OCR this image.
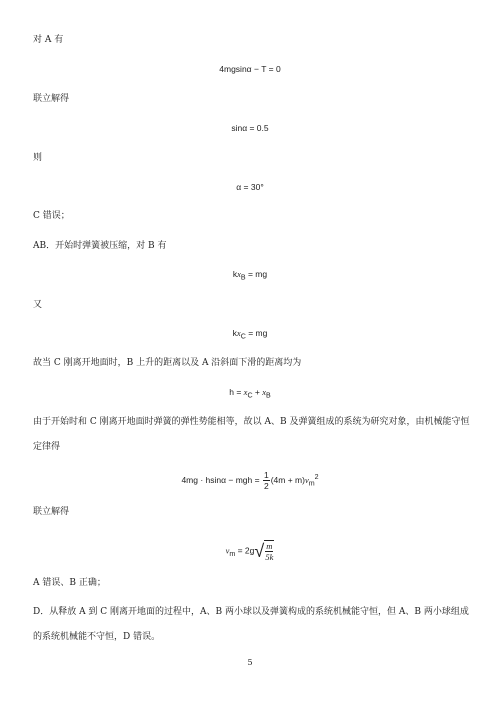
对 A 有
4mgsinα − T = 0
联立解得
sinα = 0.5
则
α = 30°
C 错误；
AB．开始时弹簧被压缩，对 B 有
$kx_B$ = mg
又
$kx_C$ = mg
故当 C 刚离开地面时，B 上升的距离以及 A 沿斜面下滑的距离均为
$h = x_C + x_B$
由于开始时和 C 刚离开地面时弹簧的弹性势能相等，故以 A、B 及弹簧组成的系统为研究对象，由机械能守恒定律得
4mg · hsinα − mgh = $\frac{1}{2} (4m + m)v_m^2$
联立解得
$v_m = 2g√ \frac{m}{5k}$
A 错误、B 正确；
D．从释放 A 到 C 刚离开地面的过程中，A、B 两小球以及弹簧构成的系统机械能守恒，但 A、B 两小球组成的系统机械能不守恒，D 错误。
5
